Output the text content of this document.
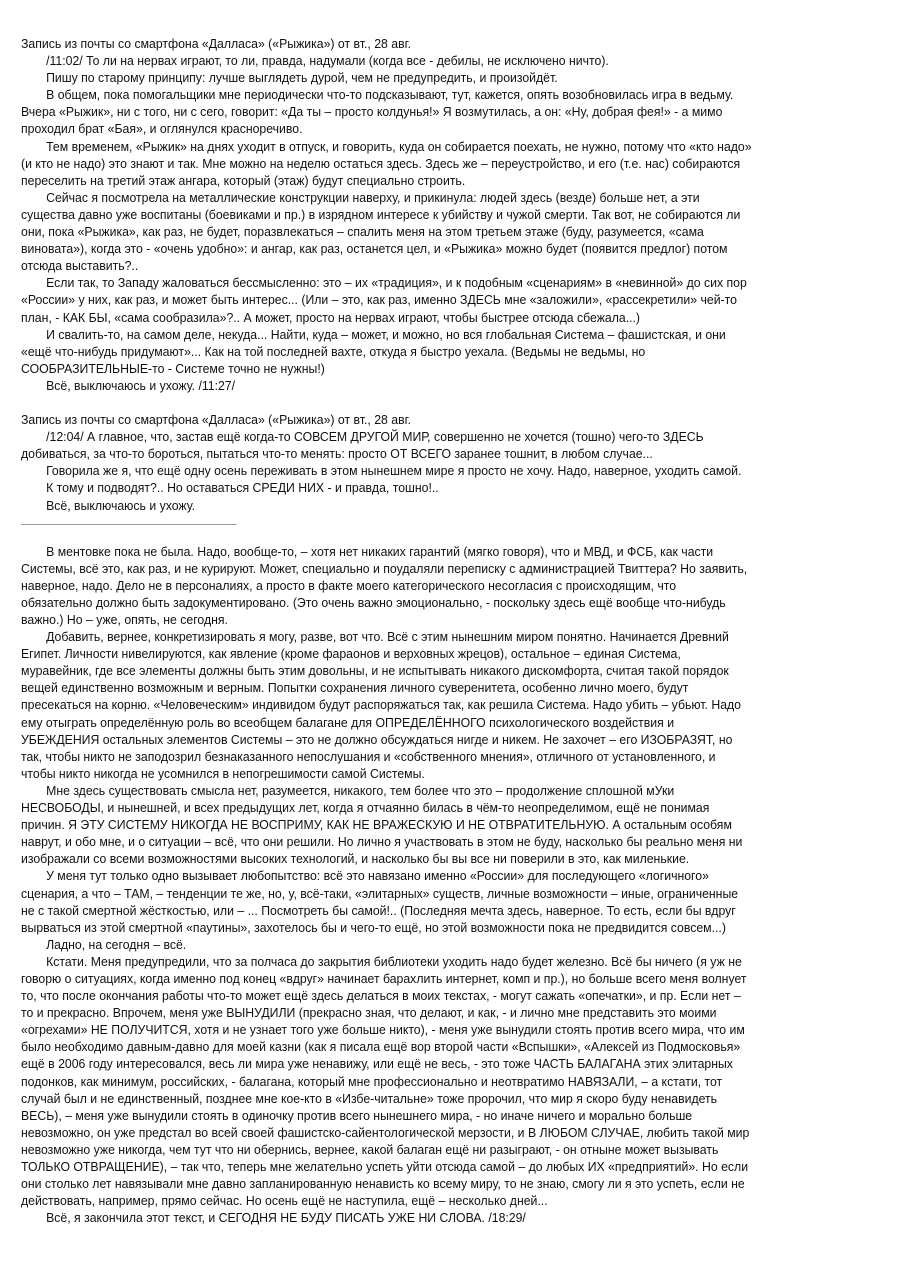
Запись из почты со смартфона «Далласа» («Рыжика») от вт., 28 авг.
/11:02/ То ли на нервах играют, то ли, правда, надумали (когда все - дебилы, не исключено ничто).
Пишу по старому принципу: лучше выглядеть дурой, чем не предупредить, и произойдёт.
В общем, пока помогальщики мне периодически что-то подсказывают, тут, кажется, опять возобновилась игра в ведьму.
Вчера «Рыжик», ни с того, ни с сего, говорит: «Да ты – просто колдунья!» Я возмутилась, а он: «Ну, добрая фея!» - а мимо
проходил брат «Бая», и оглянулся красноречиво.
Тем временем, «Рыжик» на днях уходит в отпуск, и говорить, куда он собирается поехать, не нужно, потому что «кто надо»
(и кто не надо) это знают и так. Мне можно на неделю остаться здесь. Здесь же – переустройство, и его (т.е. нас) собираются
переселить на третий этаж ангара, который (этаж) будут специально строить.
Сейчас я посмотрела на металлические конструкции наверху, и прикинула: людей здесь (везде) больше нет, а эти
существа давно уже воспитаны (боевиками и пр.) в изрядном интересе к убийству и чужой смерти. Так вот, не собираются ли
они, пока «Рыжика», как раз, не будет, поразвлекаться – спалить меня на этом третьем этаже (буду, разумеется, «сама
виновата»), когда это - «очень удобно»: и ангар, как раз, останется цел, и «Рыжика» можно будет (появится предлог) потом
отсюда выставить?..
Если так, то Западу жаловаться бессмысленно: это – их «традиция», и к подобным «сценариям» в «невинной» до сих пор
«России» у них, как раз, и может быть интерес... (Или – это, как раз, именно ЗДЕСЬ мне «заложили», «рассекретили» чей-то
план, - КАК БЫ, «сама сообразила»?.. А может, просто на нервах играют, чтобы быстрее отсюда сбежала...)
И свалить-то, на самом деле, некуда... Найти, куда – может, и можно, но вся глобальная Система – фашистская, и они
«ещё что-нибудь придумают»... Как на той последней вахте, откуда я быстро уехала. (Ведьмы не ведьмы, но
СООБРАЗИТЕЛЬНЫЕ-то - Системе точно не нужны!)
Всё, выключаюсь и ухожу. /11:27/
Запись из почты со смартфона «Далласа» («Рыжика») от вт., 28 авг.
/12:04/ А главное, что, застав ещё когда-то СОВСЕМ ДРУГОЙ МИР, совершенно не хочется (тошно) чего-то ЗДЕСЬ
добиваться, за что-то бороться, пытаться что-то менять: просто ОТ ВСЕГО заранее тошнит, в любом случае...
Говорила же я, что ещё одну осень переживать в этом нынешнем мире я просто не хочу. Надо, наверное, уходить самой.
К тому и подводят?.. Но оставаться СРЕДИ НИХ - и правда, тошно!..
Всё, выключаюсь и ухожу.
В ментовке пока не была. Надо, вообще-то, – хотя нет никаких гарантий (мягко говоря), что и МВД, и ФСБ, как части
Системы, всё это, как раз, и не курируют. Может, специально и поудаляли переписку с администрацией Твиттера? Но заявить,
наверное, надо. Дело не в персоналиях, а просто в факте моего категорического несогласия с происходящим, что
обязательно должно быть задокументировано. (Это очень важно эмоционально, - поскольку здесь ещё вообще что-нибудь
важно.) Но – уже, опять, не сегодня.
Добавить, вернее, конкретизировать я могу, разве, вот что. Всё с этим нынешним миром понятно. Начинается Древний
Египет. Личности нивелируются, как явление (кроме фараонов и верховных жрецов), остальное – единая Система,
муравейник, где все элементы должны быть этим довольны, и не испытывать никакого дискомфорта, считая такой порядок
вещей единственно возможным и верным. Попытки сохранения личного суверенитета, особенно лично моего, будут
пресекаться на корню. «Человеческим» индивидом будут распоряжаться так, как решила Система. Надо убить – убьют. Надо
ему отыграть определённую роль во всеобщем балагане для ОПРЕДЕЛЁННОГО психологического воздействия и
УБЕЖДЕНИЯ остальных элементов Системы – это не должно обсуждаться нигде и никем. Не захочет – его ИЗОБРАЗЯТ, но
так, чтобы никто не заподозрил безнаказанного непослушания и «собственного мнения», отличного от установленного, и
чтобы никто никогда не усомнился в непогрешимости самой Системы.
Мне здесь существовать смысла нет, разумеется, никакого, тем более что это – продолжение сплошной мУки
НЕСВОБОДЫ, и нынешней, и всех предыдущих лет, когда я отчаянно билась в чём-то неопределимом, ещё не понимая
причин. Я ЭТУ СИСТЕМУ НИКОГДА НЕ ВОСПРИМУ, КАК НЕ ВРАЖЕСКУЮ И НЕ ОТВРАТИТЕЛЬНУЮ. А остальным особям
наврут, и обо мне, и о ситуации – всё, что они решили. Но лично я участвовать в этом не буду, насколько бы реально меня ни
изображали со всеми возможностями высоких технологий, и насколько бы вы все ни поверили в это, как миленькие.
У меня тут только одно вызывает любопытство: всё это навязано именно «России» для последующего «логичного»
сценария, а что – ТАМ, – тенденции те же, но, у, всё-таки, «элитарных» существ, личные возможности – иные, ограниченные
не с такой смертной жёсткостью, или – ... Посмотреть бы самой!.. (Последняя мечта здесь, наверное. То есть, если бы вдруг
вырваться из этой смертной «паутины», захотелось бы и чего-то ещё, но этой возможности пока не предвидится совсем...)
Ладно, на сегодня – всё.
Кстати. Меня предупредили, что за полчаса до закрытия библиотеки уходить надо будет железно. Всё бы ничего (я уж не
говорю о ситуациях, когда именно под конец «вдруг» начинает барахлить интернет, комп и пр.), но больше всего меня волнует
то, что после окончания работы что-то может ещё здесь делаться в моих текстах, - могут сажать «опечатки», и пр. Если нет –
то и прекрасно. Впрочем, меня уже ВЫНУДИЛИ (прекрасно зная, что делают, и как, - и лично мне представить это моими
«огрехами» НЕ ПОЛУЧИТСЯ, хотя и не узнает того уже больше никто), - меня уже вынудили стоять против всего мира, что им
было необходимо давным-давно для моей казни (как я писала ещё вор второй части «Вспышки», «Алексей из Подмосковья»
ещё в 2006 году интересовался, весь ли мира уже ненавижу, или ещё не весь, - это тоже ЧАСТЬ БАЛАГАНА этих элитарных
подонков, как минимум, российских, - балагана, который мне профессионально и неотвратимо НАВЯЗАЛИ, – а кстати, тот
случай был и не единственный, позднее мне кое-кто в «Избе-читальне» тоже пророчил, что мир я скоро буду ненавидеть
ВЕСЬ), – меня уже вынудили стоять в одиночку против всего нынешнего мира, - но иначе ничего и морально больше
невозможно, он уже предстал во всей своей фашистско-сайентологической мерзости, и В ЛЮБОМ СЛУЧАЕ, любить такой мир
невозможно уже никогда, чем тут что ни обернись, вернее, какой балаган ещё ни разыграют, - он отныне может вызывать
ТОЛЬКО ОТВРАЩЕНИЕ), – так что, теперь мне желательно успеть уйти отсюда самой – до любых ИХ «предприятий». Но если
они столько лет навязывали мне давно запланированную ненависть ко всему миру, то не знаю, смогу ли я это успеть, если не
действовать, например, прямо сейчас. Но осень ещё не наступила, ещё – несколько дней...
Всё, я закончила этот текст, и СЕГОДНЯ НЕ БУДУ ПИСАТЬ УЖЕ НИ СЛОВА. /18:29/
